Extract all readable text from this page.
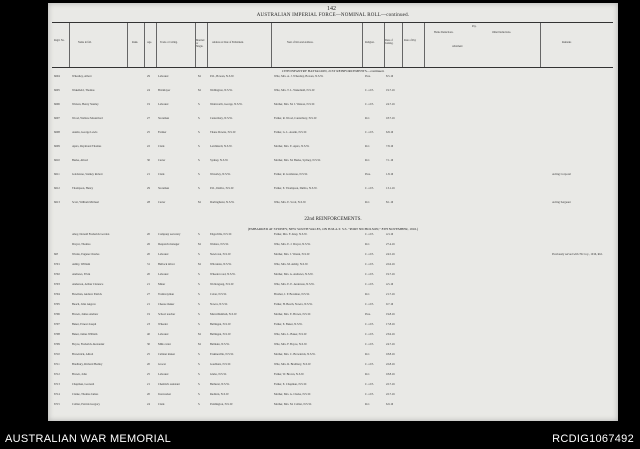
142
AUSTRALIAN IMPERIAL FORCE—NOMINAL ROLL—continued.
Regtl. No.
Name in full.	Rank.	Age.	Trade or Calling.
Married or Single.
Address at Date of Enlistment.	Next of Kin and Address.	Religion.
Date of Joining.
Rate of Pay
Pay.
Home Deductions.	Other Deductions.
Allotment
Remarks
13TH INFANTRY BATTALION, 21ST REINFORCEMENTS—continued.
6604	Wheatley, Albert	29	Labourer	M.	P.O., Bowen, N.S.W.	Wife, Mrs. A. J. Wheatley, Bowen, N.S.W.	Pres.	8.5.16
6605	Wakefield, Thomas	24	Bricklayer	M.	Wellington, N.S.W.	Wife, Mrs. T. L. Wakefield, N.S.W.	C. of E.	19.7.16
6606	Watson, Henry Stanley	19	Labourer	S.	Wentworth, George, N.S.W.	Mother, Mrs. M. J. Watson, N.S.W.	C. of E.	24.7.16
6607	Wood, Wallace Mountford	27	Storeman	S.	Canterbury, N.S.W.	Father, R. Wood, Canterbury, N.S.W.	R.C.	18.7.16
6608	Austin, George Lewis	25	Farmer	S.	Thane Downs, N.S.W.	Father, G. L. Austin, N.S.W.	C. of E.	6.8.16
6609	Ayers, Raymond Thomas	22	Clerk	S.	Leichhardt, N.S.W.	Mother, Mrs. E. Ayers, N.S.W.	R.C.	7.8.16
6610	Burke, Alfred	30	Carter	S.	Sydney, N.S.W.	Mother, Mrs. M. Burke, Sydney, N.S.W.	R.C.	7.1.16
6611	Goldstone, Stanley Robert	21	Clerk	S.	Waverley, N.S.W.	Father, R. Goldstone, N.S.W.	Pres.	1.8.16	Acting Corporal
6612	Thompson, Henry	29	Storeman	S.	P.O., Dubbo, N.S.W.	Father, E. Thompson, Dubbo, N.S.W.	C. of E.	13.1.16
6613	Scott, William Michael	28	Carter	M.	Darlinghurst, N.S.W.	Wife, Mrs. E. Scott, N.S.W.	R.C.	8.1.16	Acting Sergeant
22nd REINFORCEMENTS.
(EMBARKED AT SYDNEY, NEW SOUTH WALES, ON H.M.A.T. S.S. "PORT NICHOLSON," 8TH NOVEMBER, 1916.)
Abey, Donald Frederick Gordon	20	Company secretary	S.	Edgecliffe, N.S.W.	Father, Mrs. F. Abey, N.S.W.	C. of E.	4.3.16
Dwyer, Thomas	26	Despatch manager	M.	Waitara, N.S.W.	Wife, Mrs. E. J. Dwyer, N.S.W.	R.C.	27.4.16
663	Wrenn, Eugene Charles	20	Labourer	S.	Newtown, N.S.W.	Mother, Mrs. J. Wrenn, N.S.W.	C. of E.	24.5.16	Previously served with 7th Coy., 1916, Rtd.
6701	Ashby, William	31	Bullock driver	M.	Wilcannia, N.S.W.	Wife, Mrs. M. Ashby, N.S.W.	C. of E.	22.6.16
6702	Andrews, Elvin	20	Labourer	S.	Wheeler road, N.S.W.	Mother, Mrs. A. Andrews, N.S.W.	C. of E.	19.7.16
6703	Anderson, Arthur Clarence	21	Miner	S.	Wollongong, N.S.W.	Wife, Mrs. E. E. Anderson, N.S.W.	C. of E.	4.5.16
6704	Bowman, Andrew Patrick	27	Tramwayman	S.	Cobar, N.S.W.	Brother, J. P. Bowman, N.S.W.	R.C.	21.7.16
6705	Beach, John Angove	21	Cheese maker	S.	Nowra, N.S.W.	Father, H. Beach, Nowra, N.S.W.	C. of E.	9.7.16
6706	Brown, James Andrew	19	School teacher	S.	Murwillumbah, N.S.W.	Mother, Mrs. E. Brown, N.S.W.	Pres.	19.8.16
6707	Baker, Ernest Joseph	23	Wheeler	S.	Bellingen, N.S.W.	Father, E. Baker, N.S.W.	C. of E.	17.8.16
6708	Baker, James William	40	Labourer	M.	Bellingen, N.S.W.	Wife, Mrs. L. Baker, N.S.W.	C. of E.	23.6.16
6709	Boyce, Frederick Alexander	30	Milk carter	M.	Balmain, N.S.W.	Wife, Mrs. F. Boyce, N.S.W.	C. of E.	24.7.16
6710	Brownrick, Alfred	25	Cabinet maker	S.	Erskineville, N.S.W.	Mother, Mrs. C. Brownrick, N.S.W.	R.C.	18.8.16
6711	Bradbury, Richard Hedley	20	Grocer	S.	Goulburn, N.S.W.	Wife, Mrs. R. Bradbury, N.S.W.	C. of E.	22.8.16
6712	Brown, John	25	Labourer	S.	Glebe, N.S.W.	Father, W. Brown, N.S.W.	R.C.	18.8.16
6713	Chapman, Leonard	21	Chemist's assistant	S.	Bathurst, N.S.W.	Father, E. Chapman, N.S.W.	C. of E.	22.7.16
6714	Clarke, Thomas James	20	Ironworker	S.	Redfern, N.S.W.	Mother, Mrs. A. Clarke, N.S.W.	C. of E.	22.7.16
6715	Collier, Patrick Gregory	24	Clerk	S.	Paddington, N.S.W.	Mother, Mrs. M. Collier, N.S.W.	R.C.	6.9.16
AUSTRALIAN WAR MEMORIAL	RCDIG1067492
